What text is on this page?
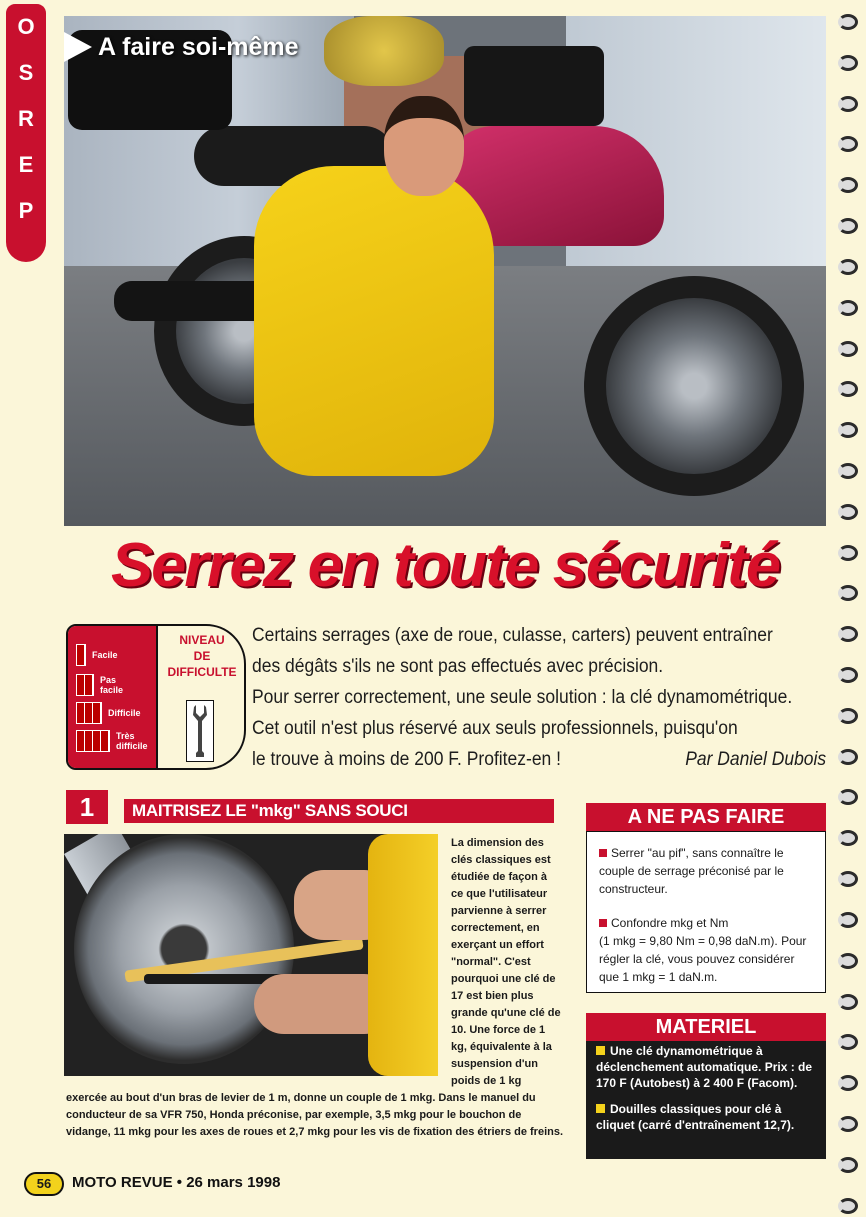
O
S
R
E
P
A faire soi-même
Serrez en toute sécurité
Facile
Pas facile
Difficile
Très difficile
NIVEAU
DE
DIFFICULTE
Certains serrages (axe de roue, culasse, carters) peuvent entraîner
des dégâts s'ils ne sont pas effectués avec précision.
Pour serrer correctement, une seule solution : la clé dynamométrique.
Cet outil n'est plus réservé aux seuls professionnels, puisqu'on
le trouve à moins de 200 F. Profitez-en !	Par Daniel Dubois
1	MAITRISEZ LE "mkg" SANS SOUCI
La dimension des clés classiques est étudiée de façon à ce que l'utilisateur parvienne à serrer correctement, en exerçant un effort "normal". C'est pourquoi une clé de 17 est bien plus grande qu'une clé de 10. Une force de 1 kg, équivalente à la suspension d'un poids de 1 kg
exercée au bout d'un bras de levier de 1 m, donne un couple de 1 mkg. Dans le manuel du conducteur de sa VFR 750, Honda préconise, par exemple, 3,5 mkg pour le bouchon de vidange, 11 mkg pour les axes de roues et 2,7 mkg pour les vis de fixation des étriers de freins.
A NE PAS FAIRE

Serrer "au pif", sans connaître le couple de serrage préconisé par le constructeur.

Confondre mkg et Nm
(1 mkg = 9,80 Nm = 0,98 daN.m). Pour régler la clé, vous pouvez considérer que 1 mkg = 1 daN.m.

MATERIEL

Une clé dynamométrique à déclenchement automatique. Prix : de 170 F (Autobest) à 2 400 F (Facom).

Douilles classiques pour clé à cliquet (carré d'entraînement 12,7).

56	MOTO REVUE • 26 mars 1998
